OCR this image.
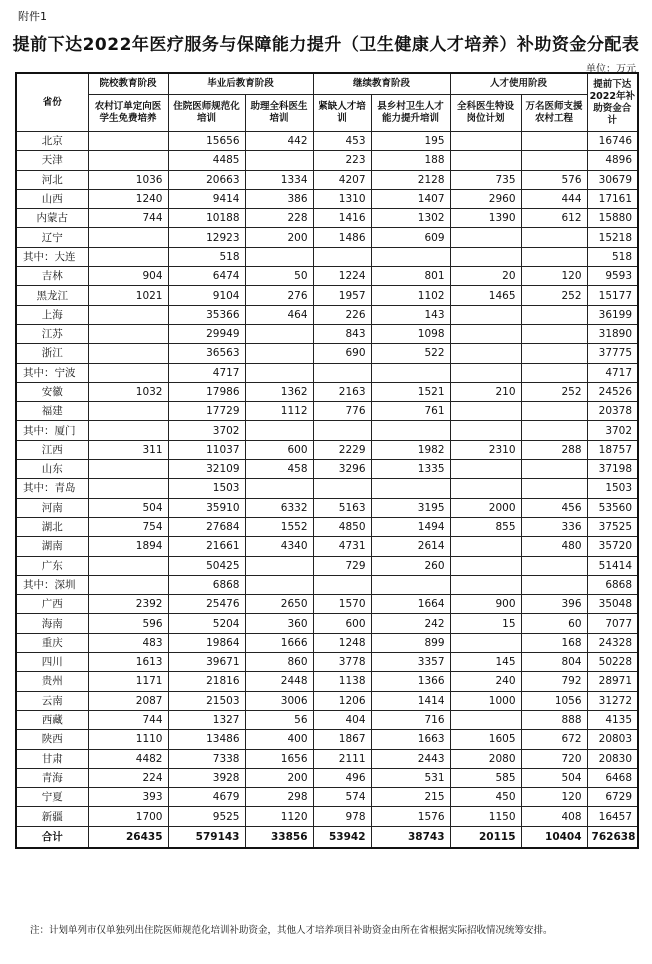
附件1
提前下达2022年医疗服务与保障能力提升（卫生健康人才培养）补助资金分配表
单位：万元
省份	院校教育阶段	毕业后教育阶段		继续教育阶段		人才使用阶段		提前下达2022年补助资金合计
	农村订单定向医学生免费培养	住院医师规范化培训	助理全科医生培训	紧缺人才培训	县乡村卫生人才能力提升培训	全科医生特设岗位计划	万名医师支援农村工程	
北京		15656	442	453	195			16746
天津		4485		223	188			4896
河北	1036	20663	1334	4207	2128	735	576	30679
山西	1240	9414	386	1310	1407	2960	444	17161
内蒙古	744	10188	228	1416	1302	1390	612	15880
辽宁		12923	200	1486	609			15218
其中：大连		518						518
吉林	904	6474	50	1224	801	20	120	9593
黑龙江	1021	9104	276	1957	1102	1465	252	15177
上海		35366	464	226	143			36199
江苏		29949		843	1098			31890
浙江		36563		690	522			37775
其中：宁波		4717						4717
安徽	1032	17986	1362	2163	1521	210	252	24526
福建		17729	1112	776	761			20378
其中：厦门		3702						3702
江西	311	11037	600	2229	1982	2310	288	18757
山东		32109	458	3296	1335			37198
其中：青岛		1503						1503
河南	504	35910	6332	5163	3195	2000	456	53560
湖北	754	27684	1552	4850	1494	855	336	37525
湖南	1894	21661	4340	4731	2614		480	35720
广东		50425		729	260			51414
其中：深圳		6868						6868
广西	2392	25476	2650	1570	1664	900	396	35048
海南	596	5204	360	600	242	15	60	7077
重庆	483	19864	1666	1248	899		168	24328
四川	1613	39671	860	3778	3357	145	804	50228
贵州	1171	21816	2448	1138	1366	240	792	28971
云南	2087	21503	3006	1206	1414	1000	1056	31272
西藏	744	1327	56	404	716		888	4135
陕西	1110	13486	400	1867	1663	1605	672	20803
甘肃	4482	7338	1656	2111	2443	2080	720	20830
青海	224	3928	200	496	531	585	504	6468
宁夏	393	4679	298	574	215	450	120	6729
新疆	1700	9525	1120	978	1576	1150	408	16457
合计	26435	579143	33856	53942	38743	20115	10404	762638
注：计划单列市仅单独列出住院医师规范化培训补助资金，其他人才培养项目补助资金由所在省根据实际招收情况统筹安排。
